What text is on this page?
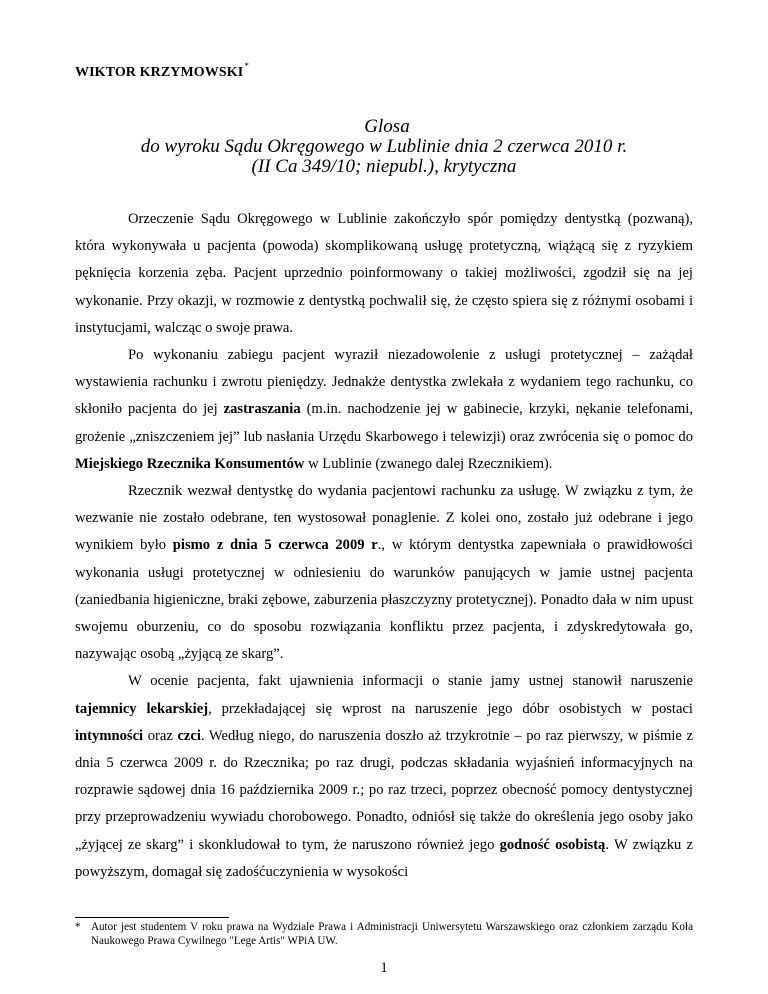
WIKTOR KRZYMOWSKI*
Glosa
do wyroku Sądu Okręgowego w Lublinie dnia 2 czerwca 2010 r.
(II Ca 349/10; niepubl.), krytyczna

Orzeczenie Sądu Okręgowego w Lublinie zakończyło spór pomiędzy dentystką (pozwaną), która wykonywała u pacjenta (powoda) skomplikowaną usługę protetyczną, wiążącą się z ryzykiem pęknięcia korzenia zęba. Pacjent uprzednio poinformowany o takiej możliwości, zgodził się na jej wykonanie. Przy okazji, w rozmowie z dentystką pochwalił się, że często spiera się z różnymi osobami i instytucjami, walcząc o swoje prawa.

Po wykonaniu zabiegu pacjent wyraził niezadowolenie z usługi protetycznej – zażądał wystawienia rachunku i zwrotu pieniędzy. Jednakże dentystka zwlekała z wydaniem tego rachunku, co skłoniło pacjenta do jej zastraszania (m.in. nachodzenie jej w gabinecie, krzyki, nękanie telefonami, grożenie „zniszczeniem jej” lub nasłania Urzędu Skarbowego i telewizji) oraz zwrócenia się o pomoc do Miejskiego Rzecznika Konsumentów w Lublinie (zwanego dalej Rzecznikiem).

Rzecznik wezwał dentystkę do wydania pacjentowi rachunku za usługę. W związku z tym, że wezwanie nie zostało odebrane, ten wystosował ponaglenie. Z kolei ono, zostało już odebrane i jego wynikiem było pismo z dnia 5 czerwca 2009 r., w którym dentystka zapewniała o prawidłowości wykonania usługi protetycznej w odniesieniu do warunków panujących w jamie ustnej pacjenta (zaniedbania higieniczne, braki zębowe, zaburzenia płaszczyzny protetycznej). Ponadto dała w nim upust swojemu oburzeniu, co do sposobu rozwiązania konfliktu przez pacjenta, i zdyskredytowała go, nazywając osobą „żyjącą ze skarg”.

W ocenie pacjenta, fakt ujawnienia informacji o stanie jamy ustnej stanowił naruszenie tajemnicy lekarskiej, przekładającej się wprost na naruszenie jego dóbr osobistych w postaci intymności oraz czci. Według niego, do naruszenia doszło aż trzykrotnie – po raz pierwszy, w piśmie z dnia 5 czerwca 2009 r. do Rzecznika; po raz drugi, podczas składania wyjaśnień informacyjnych na rozprawie sądowej dnia 16 października 2009 r.; po raz trzeci, poprzez obecność pomocy dentystycznej przy przeprowadzeniu wywiadu chorobowego. Ponadto, odniósł się także do określenia jego osoby jako „żyjącej ze skarg” i skonkludował to tym, że naruszono również jego godność osobistą. W związku z powyższym, domagał się zadośćuczynienia w wysokości

* Autor jest studentem V roku prawa na Wydziale Prawa i Administracji Uniwersytetu Warszawskiego oraz członkiem zarządu Koła Naukowego Prawa Cywilnego "Lege Artis" WPiA UW.
1
